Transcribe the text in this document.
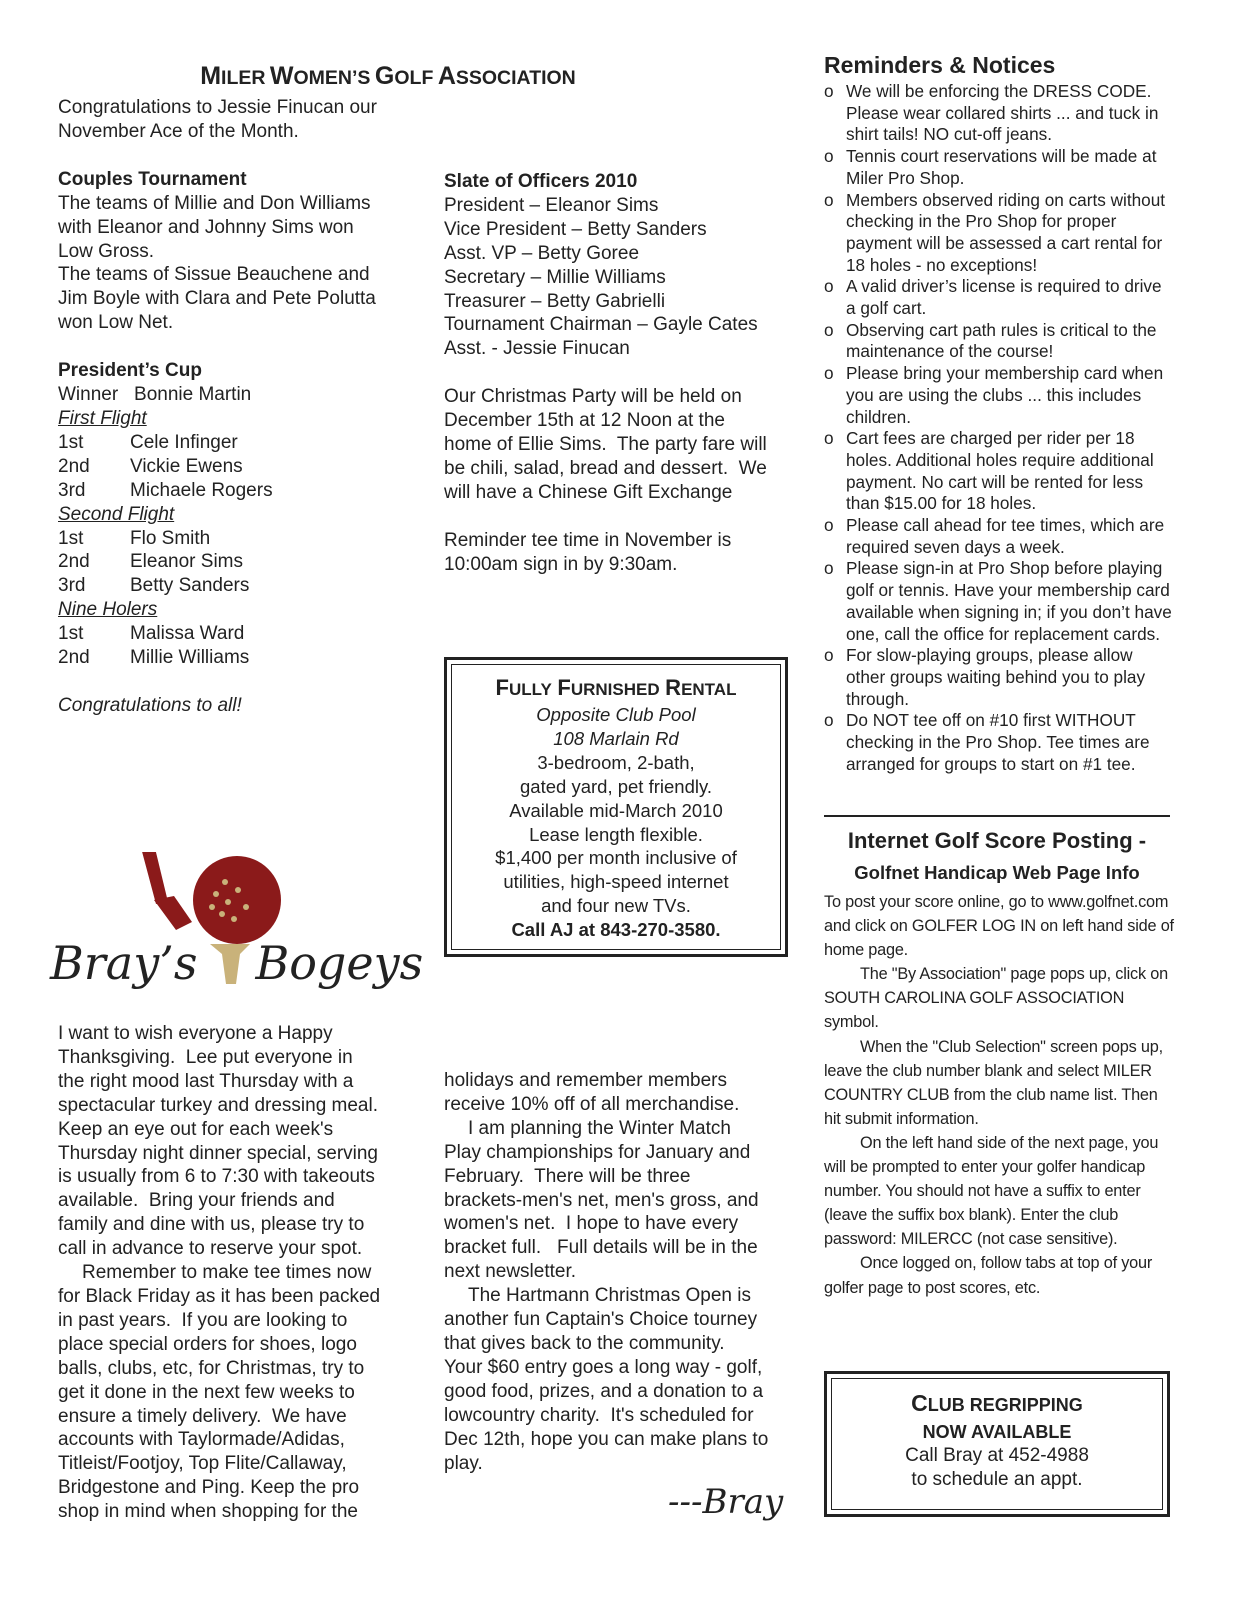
MILER WOMEN’S GOLF ASSOCIATION
Congratulations to Jessie Finucan our
November Ace of the Month.
Couples Tournament
The teams of Millie and Don Williams
with Eleanor and Johnny Sims won
Low Gross.
The teams of Sissue Beauchene and
Jim Boyle with Clara and Pete Polutta
won Low Net.
President’s Cup
Winner   Bonnie Martin
First Flight
1st	Cele Infinger
2nd	Vickie Ewens
3rd	Michaele Rogers
Second Flight
1st	Flo Smith
2nd	Eleanor Sims
3rd	Betty Sanders
Nine Holers
1st	Malissa Ward
2nd	Millie Williams
Congratulations to all!
Slate of Officers 2010
President – Eleanor Sims
Vice President – Betty Sanders
Asst. VP – Betty Goree
Secretary – Millie Williams
Treasurer – Betty Gabrielli
Tournament Chairman – Gayle Cates
Asst. - Jessie Finucan
Our Christmas Party will be held on
December 15th at 12 Noon at the
home of Ellie Sims.  The party fare will
be chili, salad, bread and dessert.  We
will have a Chinese Gift Exchange
Reminder tee time in November is
10:00am sign in by 9:30am.
FULLY FURNISHED RENTAL
Opposite Club Pool
108 Marlain Rd
3-bedroom, 2-bath,
gated yard, pet friendly.
Available mid-March 2010
Lease length flexible.
$1,400 per month inclusive of
utilities, high-speed internet
and four new TVs.
Call AJ at 843-270-3580.
Bray’s Bogeys
I want to wish everyone a Happy
Thanksgiving.  Lee put everyone in
the right mood last Thursday with a
spectacular turkey and dressing meal.
Keep an eye out for each week's
Thursday night dinner special, serving
is usually from 6 to 7:30 with takeouts
available.  Bring your friends and
family and dine with us, please try to
call in advance to reserve your spot.
Remember to make tee times now
for Black Friday as it has been packed
in past years.  If you are looking to
place special orders for shoes, logo
balls, clubs, etc, for Christmas, try to
get it done in the next few weeks to
ensure a timely delivery.  We have
accounts with Taylormade/Adidas,
Titleist/Footjoy, Top Flite/Callaway,
Bridgestone and Ping. Keep the pro
shop in mind when shopping for the
holidays and remember members
receive 10% off of all merchandise.
I am planning the Winter Match
Play championships for January and
February.  There will be three
brackets-men's net, men's gross, and
women's net.  I hope to have every
bracket full.   Full details will be in the
next newsletter.
The Hartmann Christmas Open is
another fun Captain's Choice tourney
that gives back to the community.
Your $60 entry goes a long way - golf,
good food, prizes, and a donation to a
lowcountry charity.  It's scheduled for
Dec 12th, hope you can make plans to
play.
---Bray
Reminders & Notices
o We will be enforcing the DRESS CODE. Please wear collared shirts ... and tuck in shirt tails! NO cut-off jeans.
o Tennis court reservations will be made at Miler Pro Shop.
o Members observed riding on carts without checking in the Pro Shop for proper payment will be assessed a cart rental for 18 holes - no exceptions!
o A valid driver’s license is required to drive a golf cart.
o Observing cart path rules is critical to the maintenance of the course!
o Please bring your membership card when you are using the clubs ... this includes children.
o Cart fees are charged per rider per 18 holes. Additional holes require additional payment. No cart will be rented for less than $15.00 for 18 holes.
o Please call ahead for tee times, which are required seven days a week.
o Please sign-in at Pro Shop before playing golf or tennis. Have your membership card available when signing in; if you don’t have one, call the office for replacement cards.
o For slow-playing groups, please allow other groups waiting behind you to play through.
o Do NOT tee off on #10 first WITHOUT checking in the Pro Shop. Tee times are arranged for groups to start on #1 tee.
Internet Golf Score Posting -
Golfnet Handicap Web Page Info
To post your score online, go to www.golfnet.com and click on GOLFER LOG IN on left hand side of home page.
The "By Association" page pops up, click on SOUTH CAROLINA GOLF ASSOCIATION symbol.
When the "Club Selection" screen pops up, leave the club number blank and select MILER COUNTRY CLUB from the club name list. Then hit submit information.
On the left hand side of the next page, you will be prompted to enter your golfer handicap number. You should not have a suffix to enter (leave the suffix box blank). Enter the club password: MILERCC (not case sensitive).
Once logged on, follow tabs at top of your golfer page to post scores, etc.
CLUB REGRIPPING
NOW AVAILABLE
Call Bray at 452-4988
to schedule an appt.
